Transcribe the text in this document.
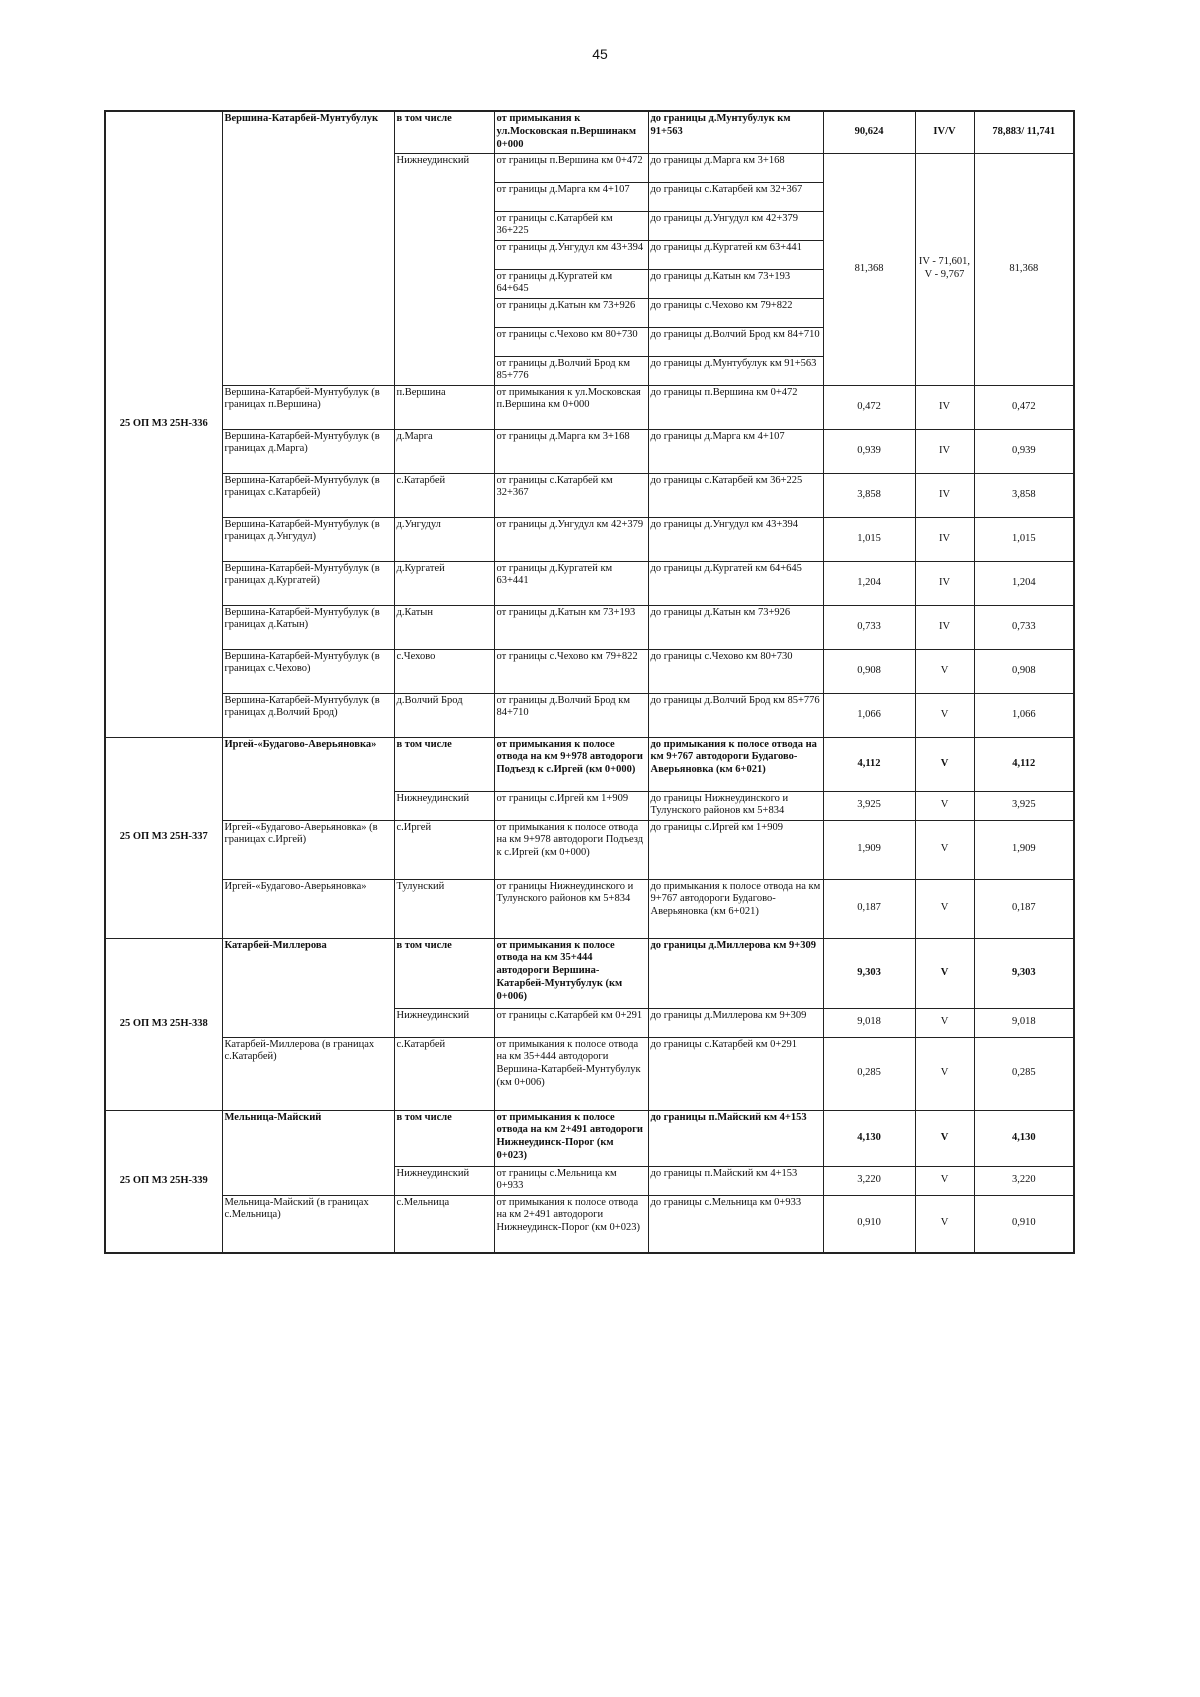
45
25 ОП МЗ 25Н-336	Вершина-Катарбей-Мунтубулук	в том числе	от примыкания к ул.Московская п.Вершинакм 0+000	до границы д.Мунтубулук км 91+563	90,624	IV/V	78,883/ 11,741
		Нижнеудинский	от границы п.Вершина км 0+472	до границы д.Марга км 3+168	81,368	IV - 71,601, V - 9,767	81,368
			от границы д.Марга км 4+107	до границы с.Катарбей км 32+367			
			от границы с.Катарбей км 36+225	до границы д.Унгудул км 42+379			
			от границы д.Унгудул км 43+394	до границы д.Кургатей км 63+441			
			от границы д.Кургатей км 64+645	до границы д.Катын км 73+193			
			от границы д.Катын км 73+926	до границы с.Чехово км 79+822			
			от границы с.Чехово км 80+730	до границы д.Волчий Брод км 84+710			
			от границы д.Волчий Брод км 85+776	до границы д.Мунтубулук км 91+563			
	Вершина-Катарбей-Мунтубулук (в границах п.Вершина)	п.Вершина	от примыкания к ул.Московская п.Вершина км 0+000	до границы п.Вершина км 0+472	0,472	IV	0,472
	Вершина-Катарбей-Мунтубулук (в границах д.Марга)	д.Марга	от границы д.Марга км 3+168	до границы д.Марга км 4+107	0,939	IV	0,939
	Вершина-Катарбей-Мунтубулук (в границах с.Катарбей)	с.Катарбей	от границы с.Катарбей км 32+367	до границы с.Катарбей км 36+225	3,858	IV	3,858
	Вершина-Катарбей-Мунтубулук (в границах д.Унгудул)	д.Унгудул	от границы д.Унгудул км 42+379	до границы д.Унгудул км 43+394	1,015	IV	1,015
	Вершина-Катарбей-Мунтубулук (в границах д.Кургатей)	д.Кургатей	от границы д.Кургатей км 63+441	до границы д.Кургатей км 64+645	1,204	IV	1,204
	Вершина-Катарбей-Мунтубулук (в границах д.Катын)	д.Катын	от границы д.Катын км 73+193	до границы д.Катын км 73+926	0,733	IV	0,733
	Вершина-Катарбей-Мунтубулук (в границах с.Чехово)	с.Чехово	от границы с.Чехово км 79+822	до границы с.Чехово км 80+730	0,908	V	0,908
	Вершина-Катарбей-Мунтубулук (в границах д.Волчий Брод)	д.Волчий Брод	от границы д.Волчий Брод км 84+710	до границы д.Волчий Брод км 85+776	1,066	V	1,066
25 ОП МЗ 25Н-337	Иргей-«Будагово-Аверьяновка»	в том числе	от примыкания к полосе отвода на км 9+978 автодороги Подъезд к с.Иргей (км 0+000)	до примыкания к полосе отвода на км 9+767 автодороги Будагово-Аверьяновка (км 6+021)	4,112	V	4,112
		Нижнеудинский	от границы с.Иргей км 1+909	до границы Нижнеудинского и Тулунского районов км 5+834	3,925	V	3,925
	Иргей-«Будагово-Аверьяновка» (в границах с.Иргей)	с.Иргей	от примыкания к полосе отвода на км 9+978 автодороги Подъезд к с.Иргей (км 0+000)	до границы с.Иргей км 1+909	1,909	V	1,909
	Иргей-«Будагово-Аверьяновка»	Тулунский	от границы Нижнеудинского и Тулунского районов км 5+834	до примыкания к полосе отвода на км 9+767 автодороги Будагово-Аверьяновка (км 6+021)	0,187	V	0,187
25 ОП МЗ 25Н-338	Катарбей-Миллерова	в том числе	от примыкания к полосе отвода на км 35+444 автодороги Вершина-Катарбей-Мунтубулук (км 0+006)	до границы д.Миллерова км 9+309	9,303	V	9,303
		Нижнеудинский	от границы с.Катарбей км 0+291	до границы д.Миллерова км 9+309	9,018	V	9,018
	Катарбей-Миллерова (в границах с.Катарбей)	с.Катарбей	от примыкания к полосе отвода на км 35+444 автодороги Вершина-Катарбей-Мунтубулук (км 0+006)	до границы с.Катарбей км 0+291	0,285	V	0,285
25 ОП МЗ 25Н-339	Мельница-Майский	в том числе	от примыкания к полосе отвода на км 2+491 автодороги Нижнеудинск-Порог (км 0+023)	до границы п.Майский км 4+153	4,130	V	4,130
		Нижнеудинский	от границы с.Мельница км 0+933	до границы п.Майский км 4+153	3,220	V	3,220
	Мельница-Майский (в границах с.Мельница)	с.Мельница	от примыкания к полосе отвода на км 2+491 автодороги Нижнеудинск-Порог (км 0+023)	до границы с.Мельница км 0+933	0,910	V	0,910
